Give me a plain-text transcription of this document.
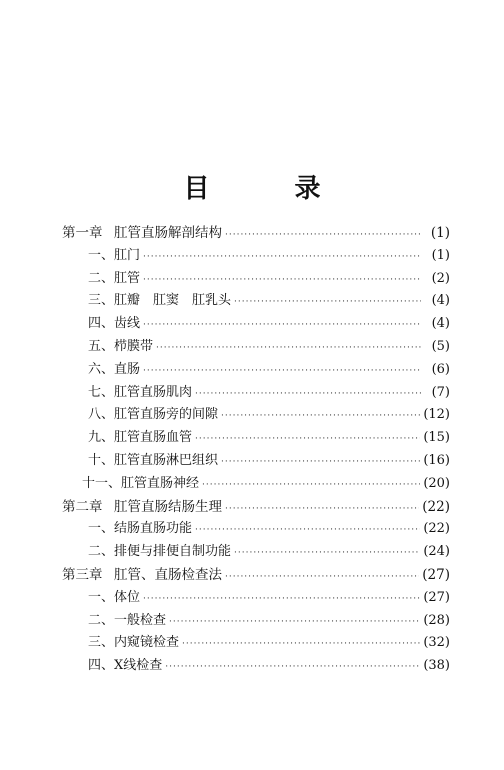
目 录
第一章 肛管直肠解剖结构 ·····	(1)
一、肛门 ·····	(1)
二、肛管 ·····	(2)
三、肛瓣　肛窦　肛乳头 ·····	(4)
四、齿线 ·····	(4)
五、栉膜带 ·····	(5)
六、直肠 ·····	(6)
七、肛管直肠肌肉 ·····	(7)
八、肛管直肠旁的间隙 ·····	(12)
九、肛管直肠血管 ·····	(15)
十、肛管直肠淋巴组织 ·····	(16)
十一、肛管直肠神经 ·····	(20)
第二章 肛管直肠结肠生理 ·····	(22)
一、结肠直肠功能 ·····	(22)
二、排便与排便自制功能 ·····	(24)
第三章 肛管、直肠检查法 ·····	(27)
一、体位 ·····	(27)
二、一般检查 ·····	(28)
三、内窥镜检查 ·····	(32)
四、X线检查 ·····	(38)
